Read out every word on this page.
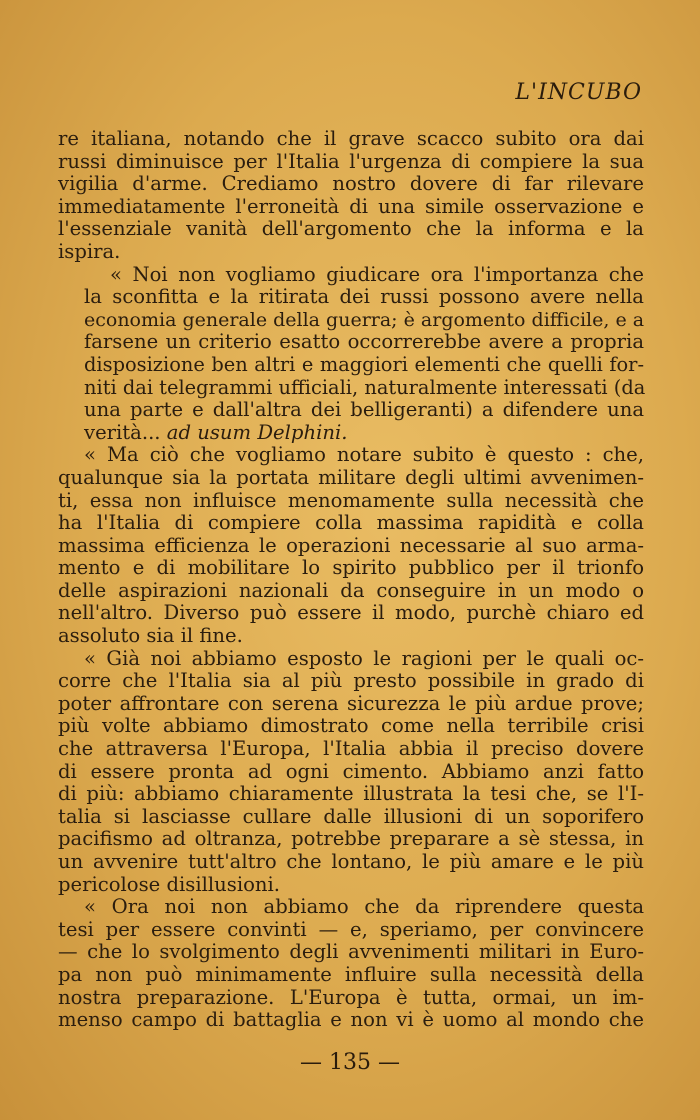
L'INCUBO

re italiana, notando che il grave scacco subito ora dai
russi diminuisce per l'Italia l'urgenza di compiere la sua
vigilia d'arme. Crediamo nostro dovere di far rilevare
immediatamente l'erroneità di una simile osservazione e
l'essenziale vanità dell'argomento che la informa e la
ispira.

« Noi non vogliamo giudicare ora l'importanza che
la sconfitta e la ritirata dei russi possono avere nella
economia generale della guerra; è argomento difficile, e a
farsene un criterio esatto occorrerebbe avere a propria
disposizione ben altri e maggiori elementi che quelli for-
niti dai telegrammi ufficiali, naturalmente interessati (da
una parte e dall'altra dei belligeranti) a difendere una
verità... ad usum Delphini.

« Ma ciò che vogliamo notare subito è questo : che,
qualunque sia la portata militare degli ultimi avvenimen-
ti, essa non influisce menomamente sulla necessità che
ha l'Italia di compiere colla massima rapidità e colla
massima efficienza le operazioni necessarie al suo arma-
mento e di mobilitare lo spirito pubblico per il trionfo
delle aspirazioni nazionali da conseguire in un modo o
nell'altro. Diverso può essere il modo, purchè chiaro ed
assoluto sia il fine.

« Già noi abbiamo esposto le ragioni per le quali oc-
corre che l'Italia sia al più presto possibile in grado di
poter affrontare con serena sicurezza le più ardue prove;
più volte abbiamo dimostrato come nella terribile crisi
che attraversa l'Europa, l'Italia abbia il preciso dovere
di essere pronta ad ogni cimento. Abbiamo anzi fatto
di più: abbiamo chiaramente illustrata la tesi che, se l'I-
talia si lasciasse cullare dalle illusioni di un soporifero
pacifismo ad oltranza, potrebbe preparare a sè stessa, in
un avvenire tutt'altro che lontano, le più amare e le più
pericolose disillusioni.

« Ora noi non abbiamo che da riprendere questa
tesi per essere convinti — e, speriamo, per convincere
— che lo svolgimento degli avvenimenti militari in Euro-
pa non può minimamente influire sulla necessità della
nostra preparazione. L'Europa è tutta, ormai, un im-
menso campo di battaglia e non vi è uomo al mondo che

— 135 —
